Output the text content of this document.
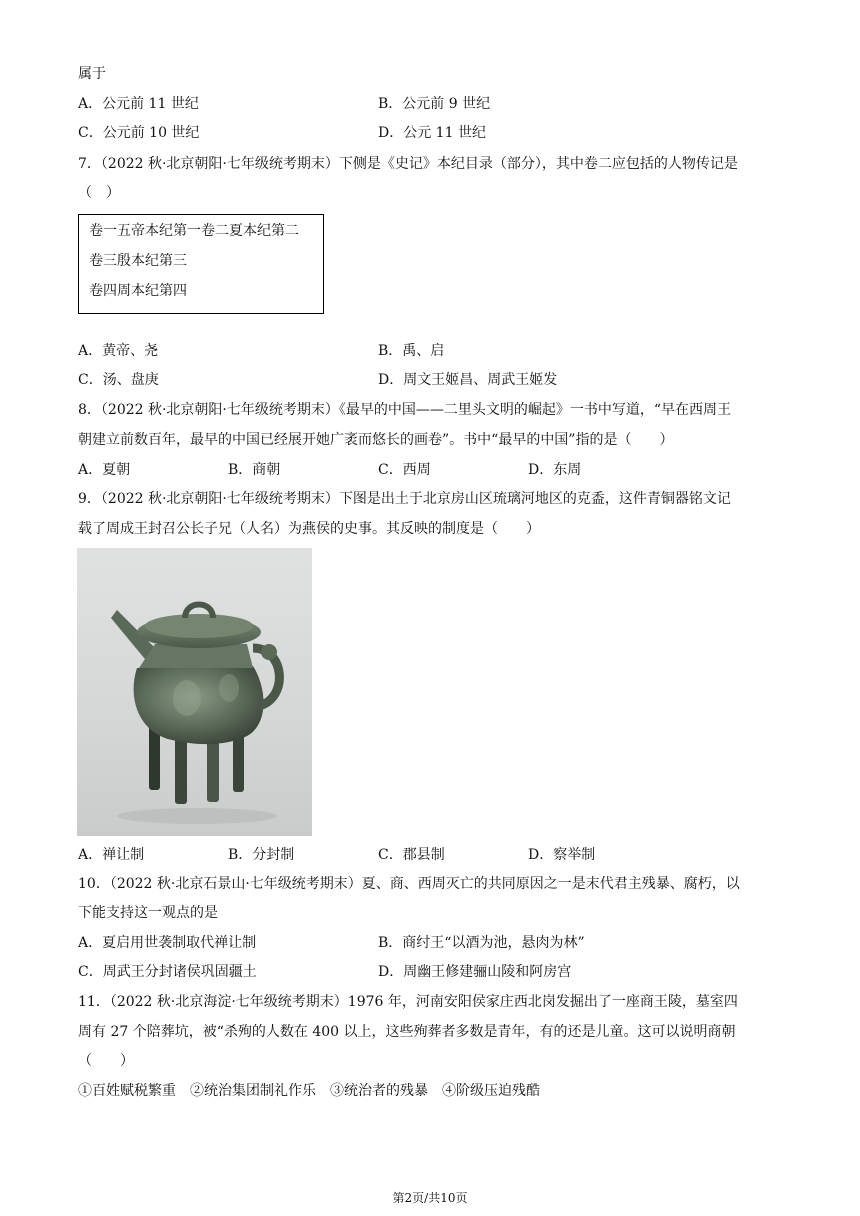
属于
A．公元前 11 世纪	B．公元前 9 世纪
C．公元前 10 世纪	D．公元 11 世纪
7．（2022 秋·北京朝阳·七年级统考期末）下侧是《史记》本纪目录（部分），其中卷二应包括的人物传记是
（　）
卷一五帝本纪第一卷二夏本纪第二
卷三殷本纪第三
卷四周本纪第四
A．黄帝、尧	B．禹、启
C．汤、盘庚	D．周文王姬昌、周武王姬发
8．（2022 秋·北京朝阳·七年级统考期末）《最早的中国——二里头文明的崛起》一书中写道，“早在西周王
朝建立前数百年，最早的中国已经展开她广袤而悠长的画卷”。书中“最早的中国”指的是（　　）
A．夏朝	B．商朝	C．西周	D．东周
9．（2022 秋·北京朝阳·七年级统考期末）下图是出土于北京房山区琉璃河地区的克盉，这件青铜器铭文记
载了周成王封召公长子兄（人名）为燕侯的史事。其反映的制度是（　　）
A．禅让制	B．分封制	C．郡县制	D．察举制
10．（2022 秋·北京石景山·七年级统考期末）夏、商、西周灭亡的共同原因之一是末代君主残暴、腐朽，以
下能支持这一观点的是
A．夏启用世袭制取代禅让制	B．商纣王“以酒为池，悬肉为林”
C．周武王分封诸侯巩固疆土	D．周幽王修建骊山陵和阿房宫
11．（2022 秋·北京海淀·七年级统考期末）1976 年，河南安阳侯家庄西北岗发掘出了一座商王陵，墓室四
周有 27 个陪葬坑，被“杀殉的人数在 400 以上，这些殉葬者多数是青年，有的还是儿童。这可以说明商朝
（　　）
①百姓赋税繁重　②统治集团制礼作乐　③统治者的残暴　④阶级压迫残酷
第2页/共10页
